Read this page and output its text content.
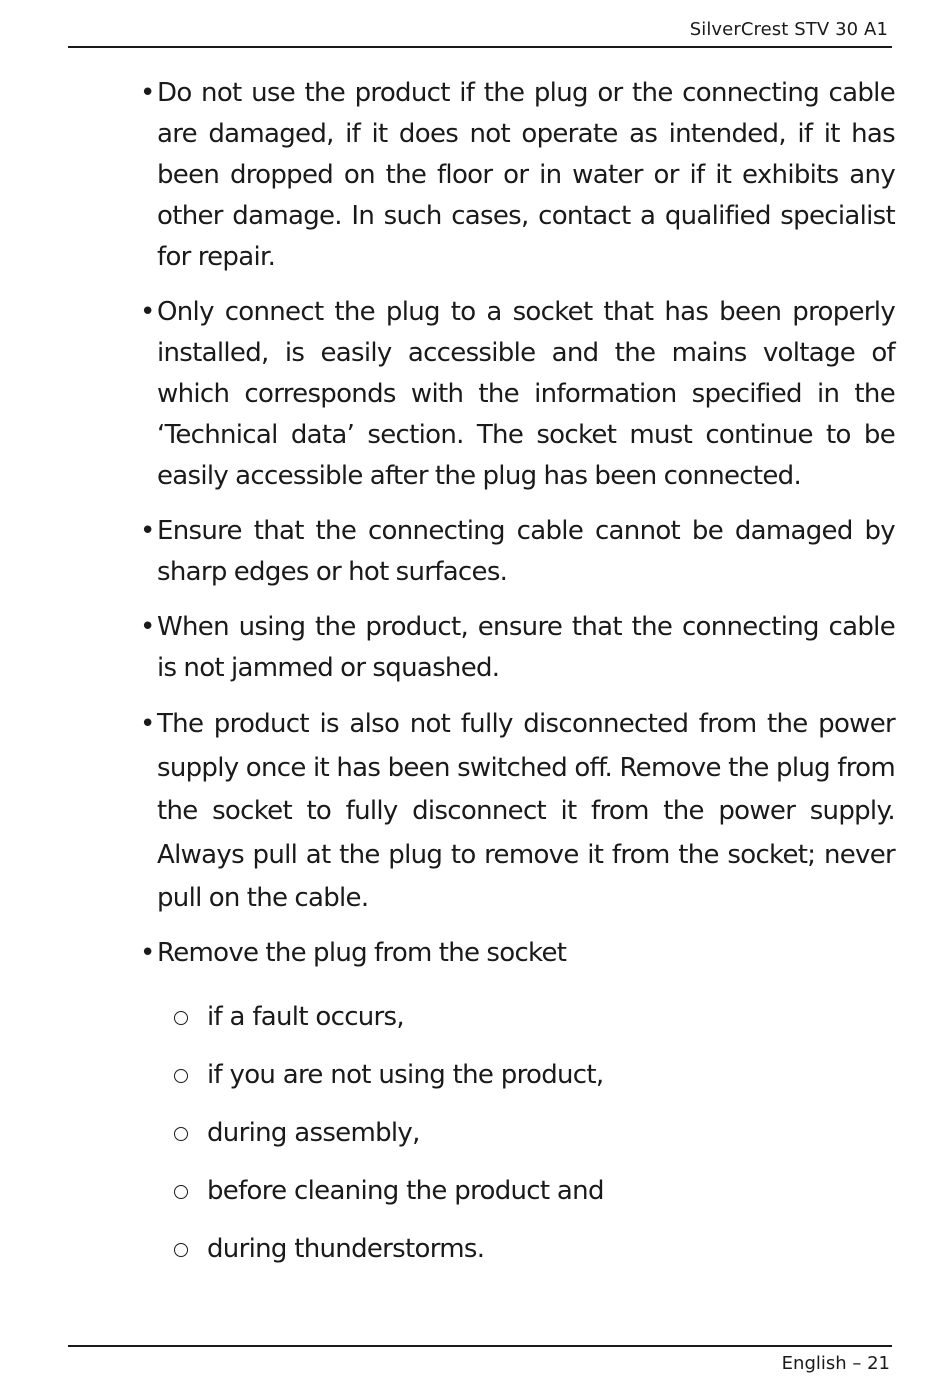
SilverCrest STV 30 A1
• Do not use the product if the plug or the connecting cable are damaged, if it does not operate as intended, if it has been dropped on the floor or in water or if it exhibits any other damage. In such cases, contact a qualified specialist for repair.
• Only connect the plug to a socket that has been properly installed, is easily accessible and the mains voltage of which corresponds with the information specified in the ‘Technical data’ section. The socket must continue to be easily accessible after the plug has been connected.
• Ensure that the connecting cable cannot be damaged by sharp edges or hot surfaces.
• When using the product, ensure that the connecting cable is not jammed or squashed.
• The product is also not fully disconnected from the power supply once it has been switched off. Remove the plug from the socket to fully disconnect it from the power supply. Always pull at the plug to remove it from the socket; never pull on the cable.
• Remove the plug from the socket
if a fault occurs,
if you are not using the product,
during assembly,
before cleaning the product and
during thunderstorms.
English – 21
